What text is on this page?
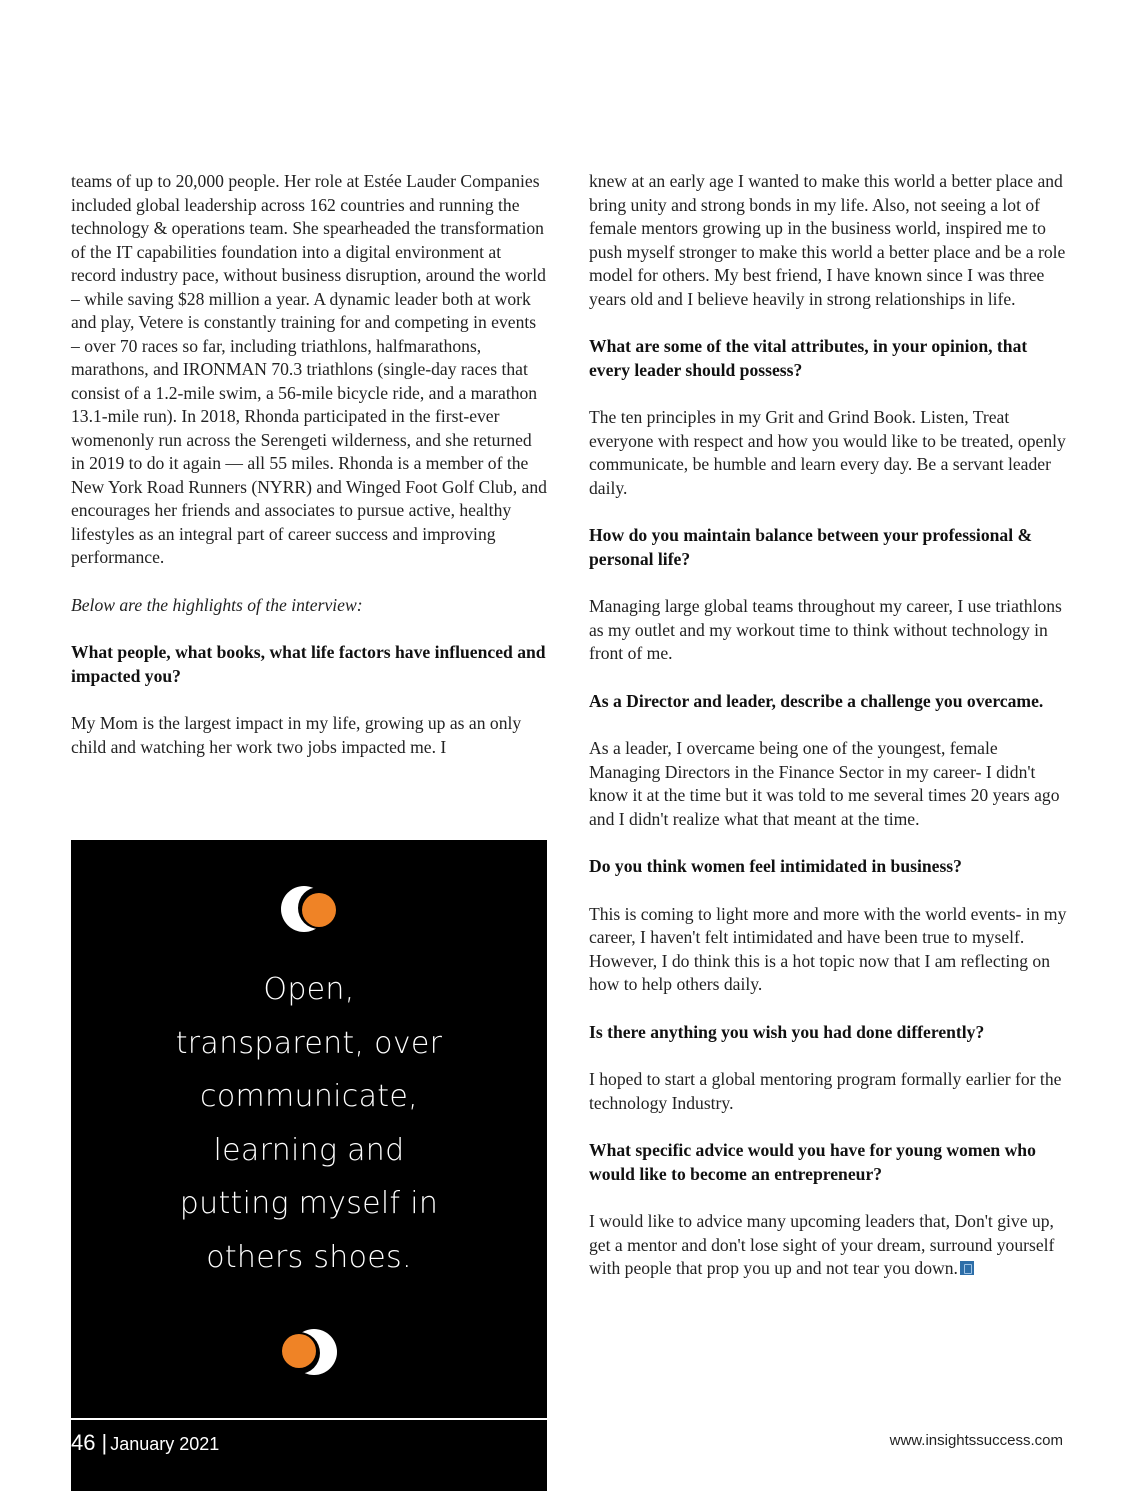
teams of up to 20,000 people. Her role at Estée Lauder Companies included global leadership across 162 countries and running the technology & operations team. She spearheaded the transformation of the IT capabilities foundation into a digital environment at record industry pace, without business disruption, around the world – while saving $28 million a year. A dynamic leader both at work and play, Vetere is constantly training for and competing in events – over 70 races so far, including triathlons, halfmarathons, marathons, and IRONMAN 70.3 triathlons (single-day races that consist of a 1.2-mile swim, a 56-mile bicycle ride, and a marathon 13.1-mile run). In 2018, Rhonda participated in the first-ever womenonly run across the Serengeti wilderness, and she returned in 2019 to do it again — all 55 miles. Rhonda is a member of the New York Road Runners (NYRR) and Winged Foot Golf Club, and encourages her friends and associates to pursue active, healthy lifestyles as an integral part of career success and improving performance.

Below are the highlights of the interview:

What people, what books, what life factors have influenced and impacted you?

My Mom is the largest impact in my life, growing up as an only child and watching her work two jobs impacted me. I

knew at an early age I wanted to make this world a better place and bring unity and strong bonds in my life. Also, not seeing a lot of female mentors growing up in the business world, inspired me to push myself stronger to make this world a better place and be a role model for others. My best friend, I have known since I was three years old and I believe heavily in strong relationships in life.

What are some of the vital attributes, in your opinion, that every leader should possess?

The ten principles in my Grit and Grind Book. Listen, Treat everyone with respect and how you would like to be treated, openly communicate, be humble and learn every day. Be a servant leader daily.

How do you maintain balance between your professional & personal life?

Managing large global teams throughout my career, I use triathlons as my outlet and my workout time to think without technology in front of me.

As a Director and leader, describe a challenge you overcame.

As a leader, I overcame being one of the youngest, female Managing Directors in the Finance Sector in my career- I didn't know it at the time but it was told to me several times 20 years ago and I didn't realize what that meant at the time.

Do you think women feel intimidated in business?

This is coming to light more and more with the world events- in my career, I haven't felt intimidated and have been true to myself. However, I do think this is a hot topic now that I am reflecting on how to help others daily.

Is there anything you wish you had done differently?

I hoped to start a global mentoring program formally earlier for the technology Industry.

What specific advice would you have for young women who would like to become an entrepreneur?

I would like to advice many upcoming leaders that, Don't give up, get a mentor and don't lose sight of your dream, surround yourself with people that prop you up and not tear you down.

Open,
transparent, over
communicate,
learning and
putting myself in
others shoes.
46 | January 2021	www.insightssuccess.com
